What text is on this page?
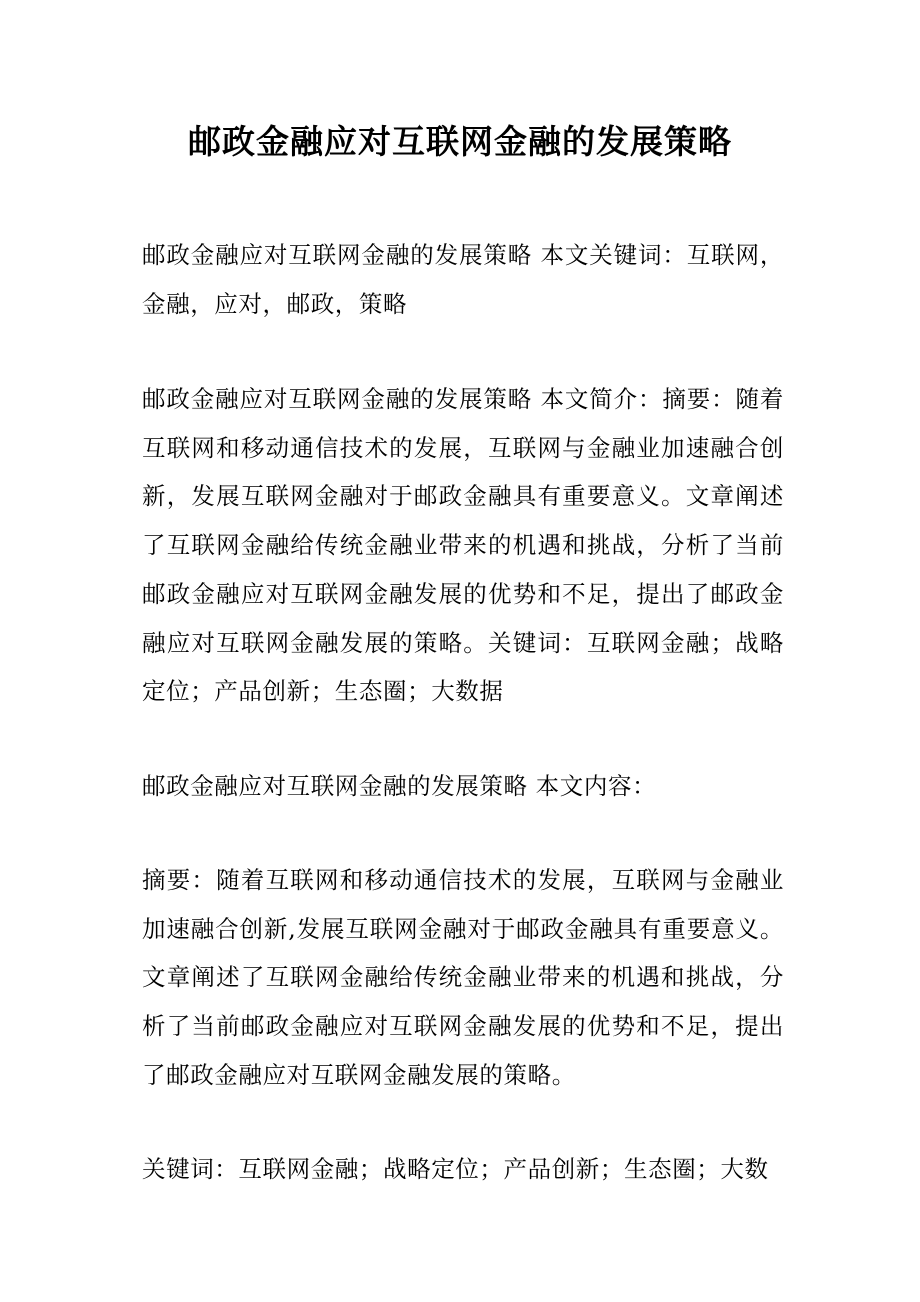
邮政金融应对互联网金融的发展策略

邮政金融应对互联网金融的发展策略 本文关键词：互联网，金融，应对，邮政，策略

邮政金融应对互联网金融的发展策略 本文简介：摘要：随着互联网和移动通信技术的发展，互联网与金融业加速融合创新，发展互联网金融对于邮政金融具有重要意义。文章阐述了互联网金融给传统金融业带来的机遇和挑战，分析了当前邮政金融应对互联网金融发展的优势和不足，提出了邮政金融应对互联网金融发展的策略。关键词：互联网金融；战略定位；产品创新；生态圈；大数据

邮政金融应对互联网金融的发展策略 本文内容：

摘要：随着互联网和移动通信技术的发展，互联网与金融业加速融合创新,发展互联网金融对于邮政金融具有重要意义。文章阐述了互联网金融给传统金融业带来的机遇和挑战，分析了当前邮政金融应对互联网金融发展的优势和不足，提出了邮政金融应对互联网金融发展的策略。

关键词：互联网金融；战略定位；产品创新；生态圈；大数
